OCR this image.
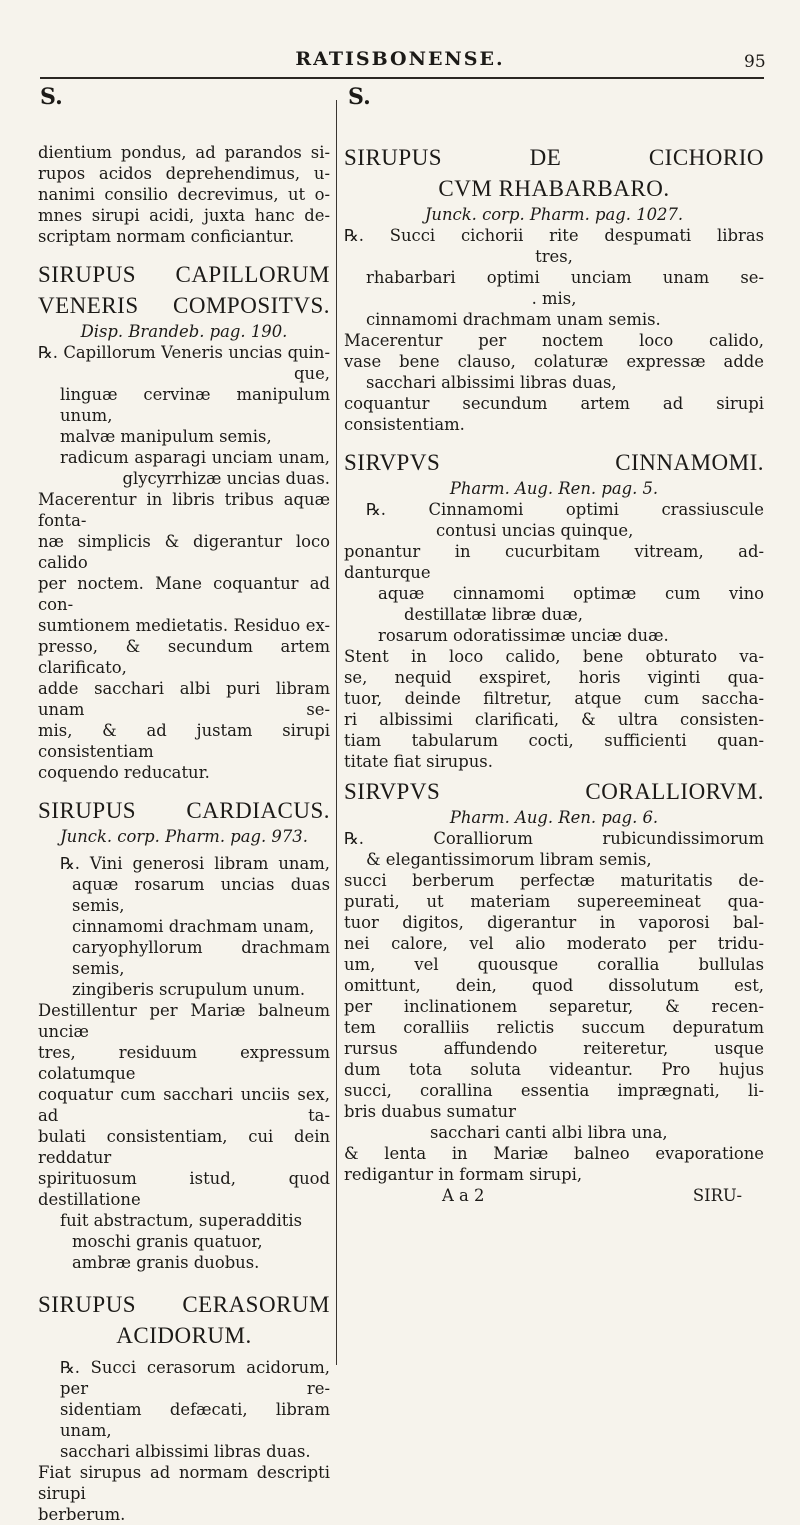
RATISBONENSE.	95
S.	S.

dientium pondus, ad parandos si-

rupos acidos deprehendimus, u-

nanimi consilio decrevimus, ut o-

mnes sirupi acidi, juxta hanc de-

scriptam normam conficiantur.

SIRUPUS CAPILLORUM

VENERIS COMPOSITVS.

Disp. Brandeb. pag. 190.

℞. Capillorum Veneris uncias quin-

que,

linguæ cervinæ manipulum unum,

malvæ manipulum semis,

radicum asparagi unciam unam,

glycyrrhizæ uncias duas.

Macerentur in libris tribus aquæ fonta-

næ simplicis & digerantur loco calido

per noctem. Mane coquantur ad con-

sumtionem medietatis. Residuo ex-

presso, & secundum artem clarificato,

adde sacchari albi puri libram unam se-

mis, & ad justam sirupi consistentiam

coquendo reducatur.

SIRUPUS CARDIACUS.

Junck. corp. Pharm. pag. 973.

℞. Vini generosi libram unam,

aquæ rosarum uncias duas semis,

cinnamomi drachmam unam,

caryophyllorum drachmam semis,

zingiberis scrupulum unum.

Destillentur per Mariæ balneum unciæ

tres, residuum expressum colatumque

coquatur cum sacchari unciis sex, ad ta-

bulati consistentiam, cui dein reddatur

spirituosum istud, quod destillatione

fuit abstractum, superadditis

moschi granis quatuor,

ambræ granis duobus.

SIRUPUS CERASORUM

ACIDORUM.

℞. Succi cerasorum acidorum, per re-

sidentiam defæcati, libram unam,

sacchari albissimi libras duas.

Fiat sirupus ad normam descripti sirupi

berberum.

SIRUPUS DE CICHORIO

CVM RHABARBARO.

Junck. corp. Pharm. pag. 1027.

℞. Succi cichorii rite despumati libras

tres,

rhabarbari optimi unciam unam se-

. mis,

cinnamomi drachmam unam semis.

Macerentur per noctem loco calido,

vase bene clauso, colaturæ expressæ adde

sacchari albissimi libras duas,

coquantur secundum artem ad sirupi

consistentiam.

SIRVPVS CINNAMOMI.

Pharm. Aug. Ren. pag. 5.

℞. Cinnamomi optimi crassiuscule

contusi uncias quinque,

ponantur in cucurbitam vitream, ad-

danturque

aquæ cinnamomi optimæ cum vino

destillatæ libræ duæ,

rosarum odoratissimæ unciæ duæ.

Stent in loco calido, bene obturato va-

se, nequid exspiret, horis viginti qua-

tuor, deinde filtretur, atque cum saccha-

ri albissimi clarificati, & ultra consisten-

tiam tabularum cocti, sufficienti quan-

titate fiat sirupus.

SIRVPVS CORALLIORVM.

Pharm. Aug. Ren. pag. 6.

℞. Coralliorum rubicundissimorum

& elegantissimorum libram semis,

succi berberum perfectæ maturitatis de-

purati, ut materiam supereemineat qua-

tuor digitos, digerantur in vaporosi bal-

nei calore, vel alio moderato per tridu-

um, vel quousque corallia bullulas

omittunt, dein, quod dissolutum est,

per inclinationem separetur, & recen-

tem coralliis relictis succum depuratum

rursus affundendo reiteretur, usque

dum tota soluta videantur. Pro hujus

succi, corallina essentia imprægnati, li-

bris duabus sumatur

sacchari canti albi libra una,

& lenta in Mariæ balneo evaporatione

redigantur in formam sirupi,

A a 2	SIRU-
